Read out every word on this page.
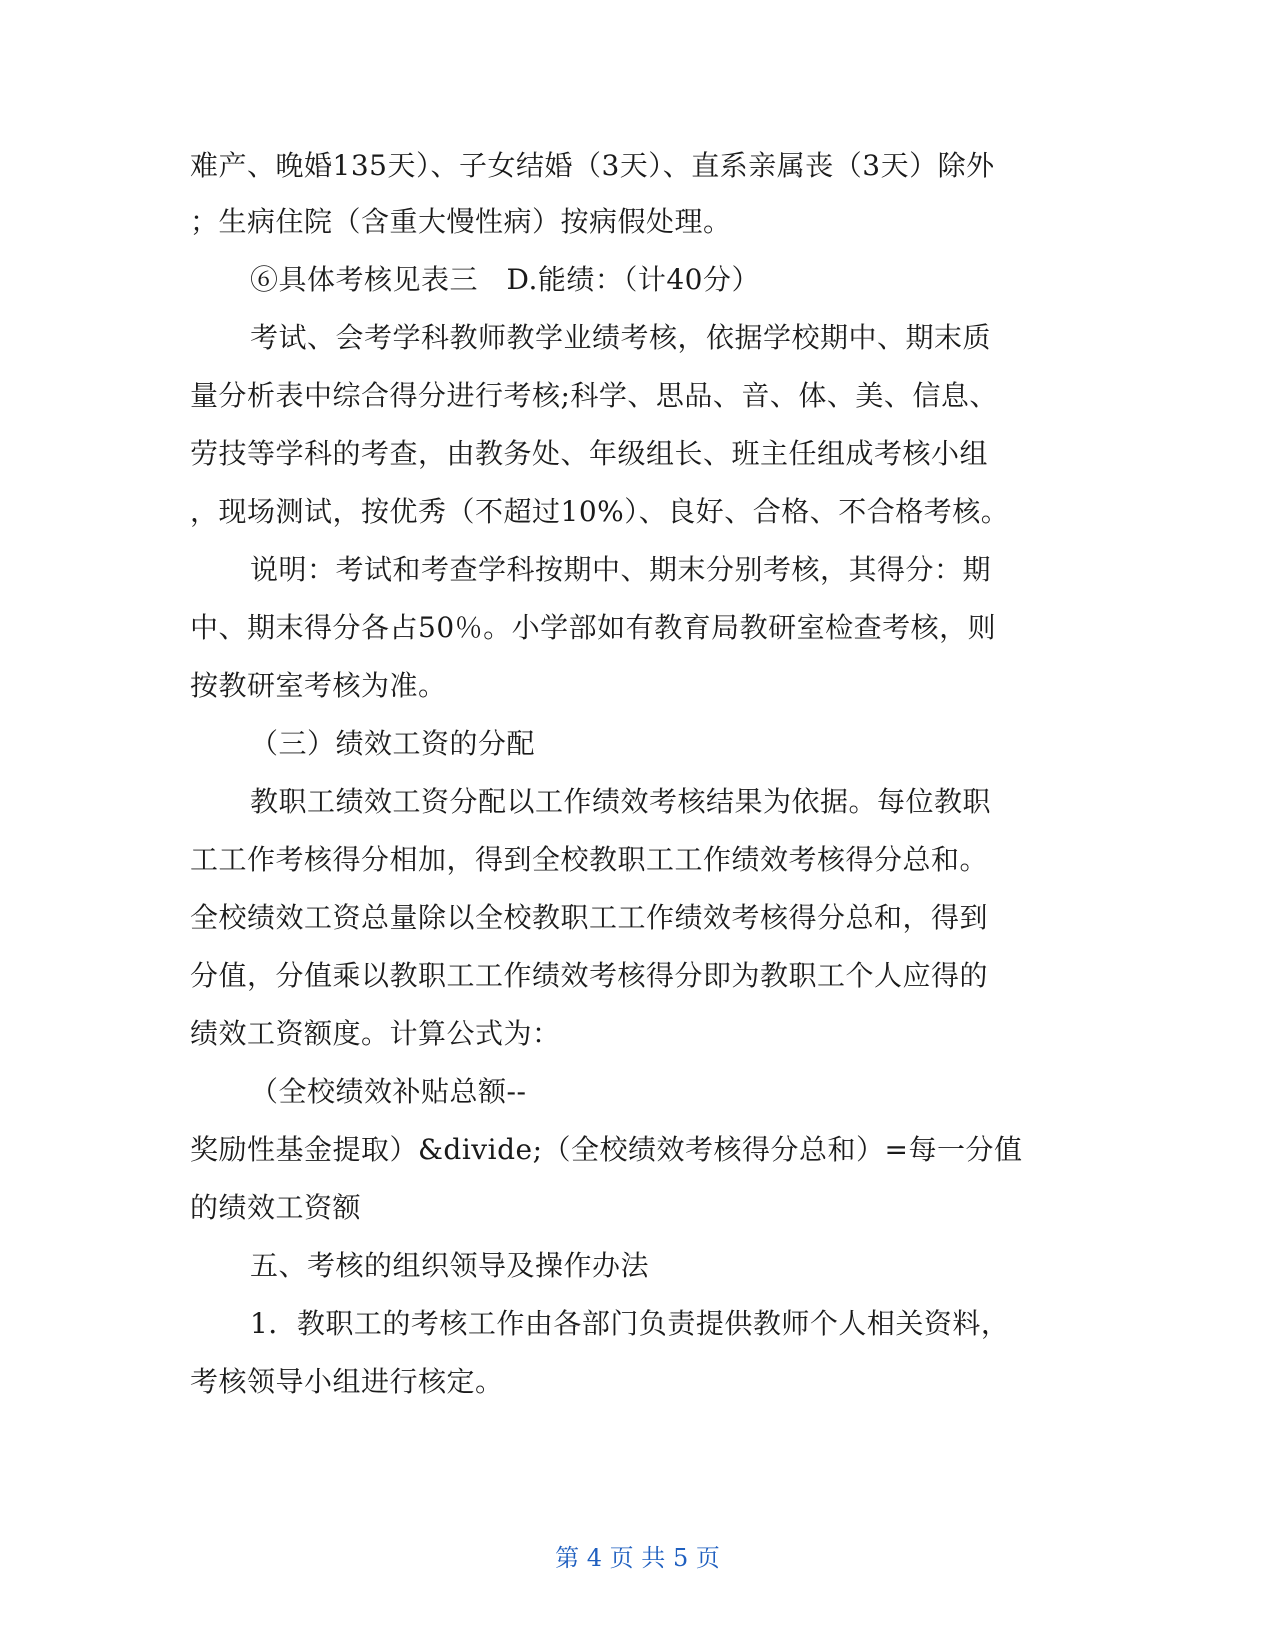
难产、晚婚135天）、子女结婚（3天）、直系亲属丧（3天）除外
；生病住院（含重大慢性病）按病假处理。
⑥具体考核见表三　D.能绩：（计40分）
考试、会考学科教师教学业绩考核，依据学校期中、期末质
量分析表中综合得分进行考核;科学、思品、音、体、美、信息、
劳技等学科的考查，由教务处、年级组长、班主任组成考核小组
，现场测试，按优秀（不超过10%）、良好、合格、不合格考核。
说明：考试和考查学科按期中、期末分别考核，其得分：期
中、期末得分各占50％。小学部如有教育局教研室检查考核，则
按教研室考核为准。
（三）绩效工资的分配
教职工绩效工资分配以工作绩效考核结果为依据。每位教职
工工作考核得分相加，得到全校教职工工作绩效考核得分总和。
全校绩效工资总量除以全校教职工工作绩效考核得分总和，得到
分值，分值乘以教职工工作绩效考核得分即为教职工个人应得的
绩效工资额度。计算公式为：
（全校绩效补贴总额--
奖励性基金提取）&divide;（全校绩效考核得分总和）=每一分值
的绩效工资额
五、考核的组织领导及操作办法
1．教职工的考核工作由各部门负责提供教师个人相关资料，
考核领导小组进行核定。
第 4 页 共 5 页
